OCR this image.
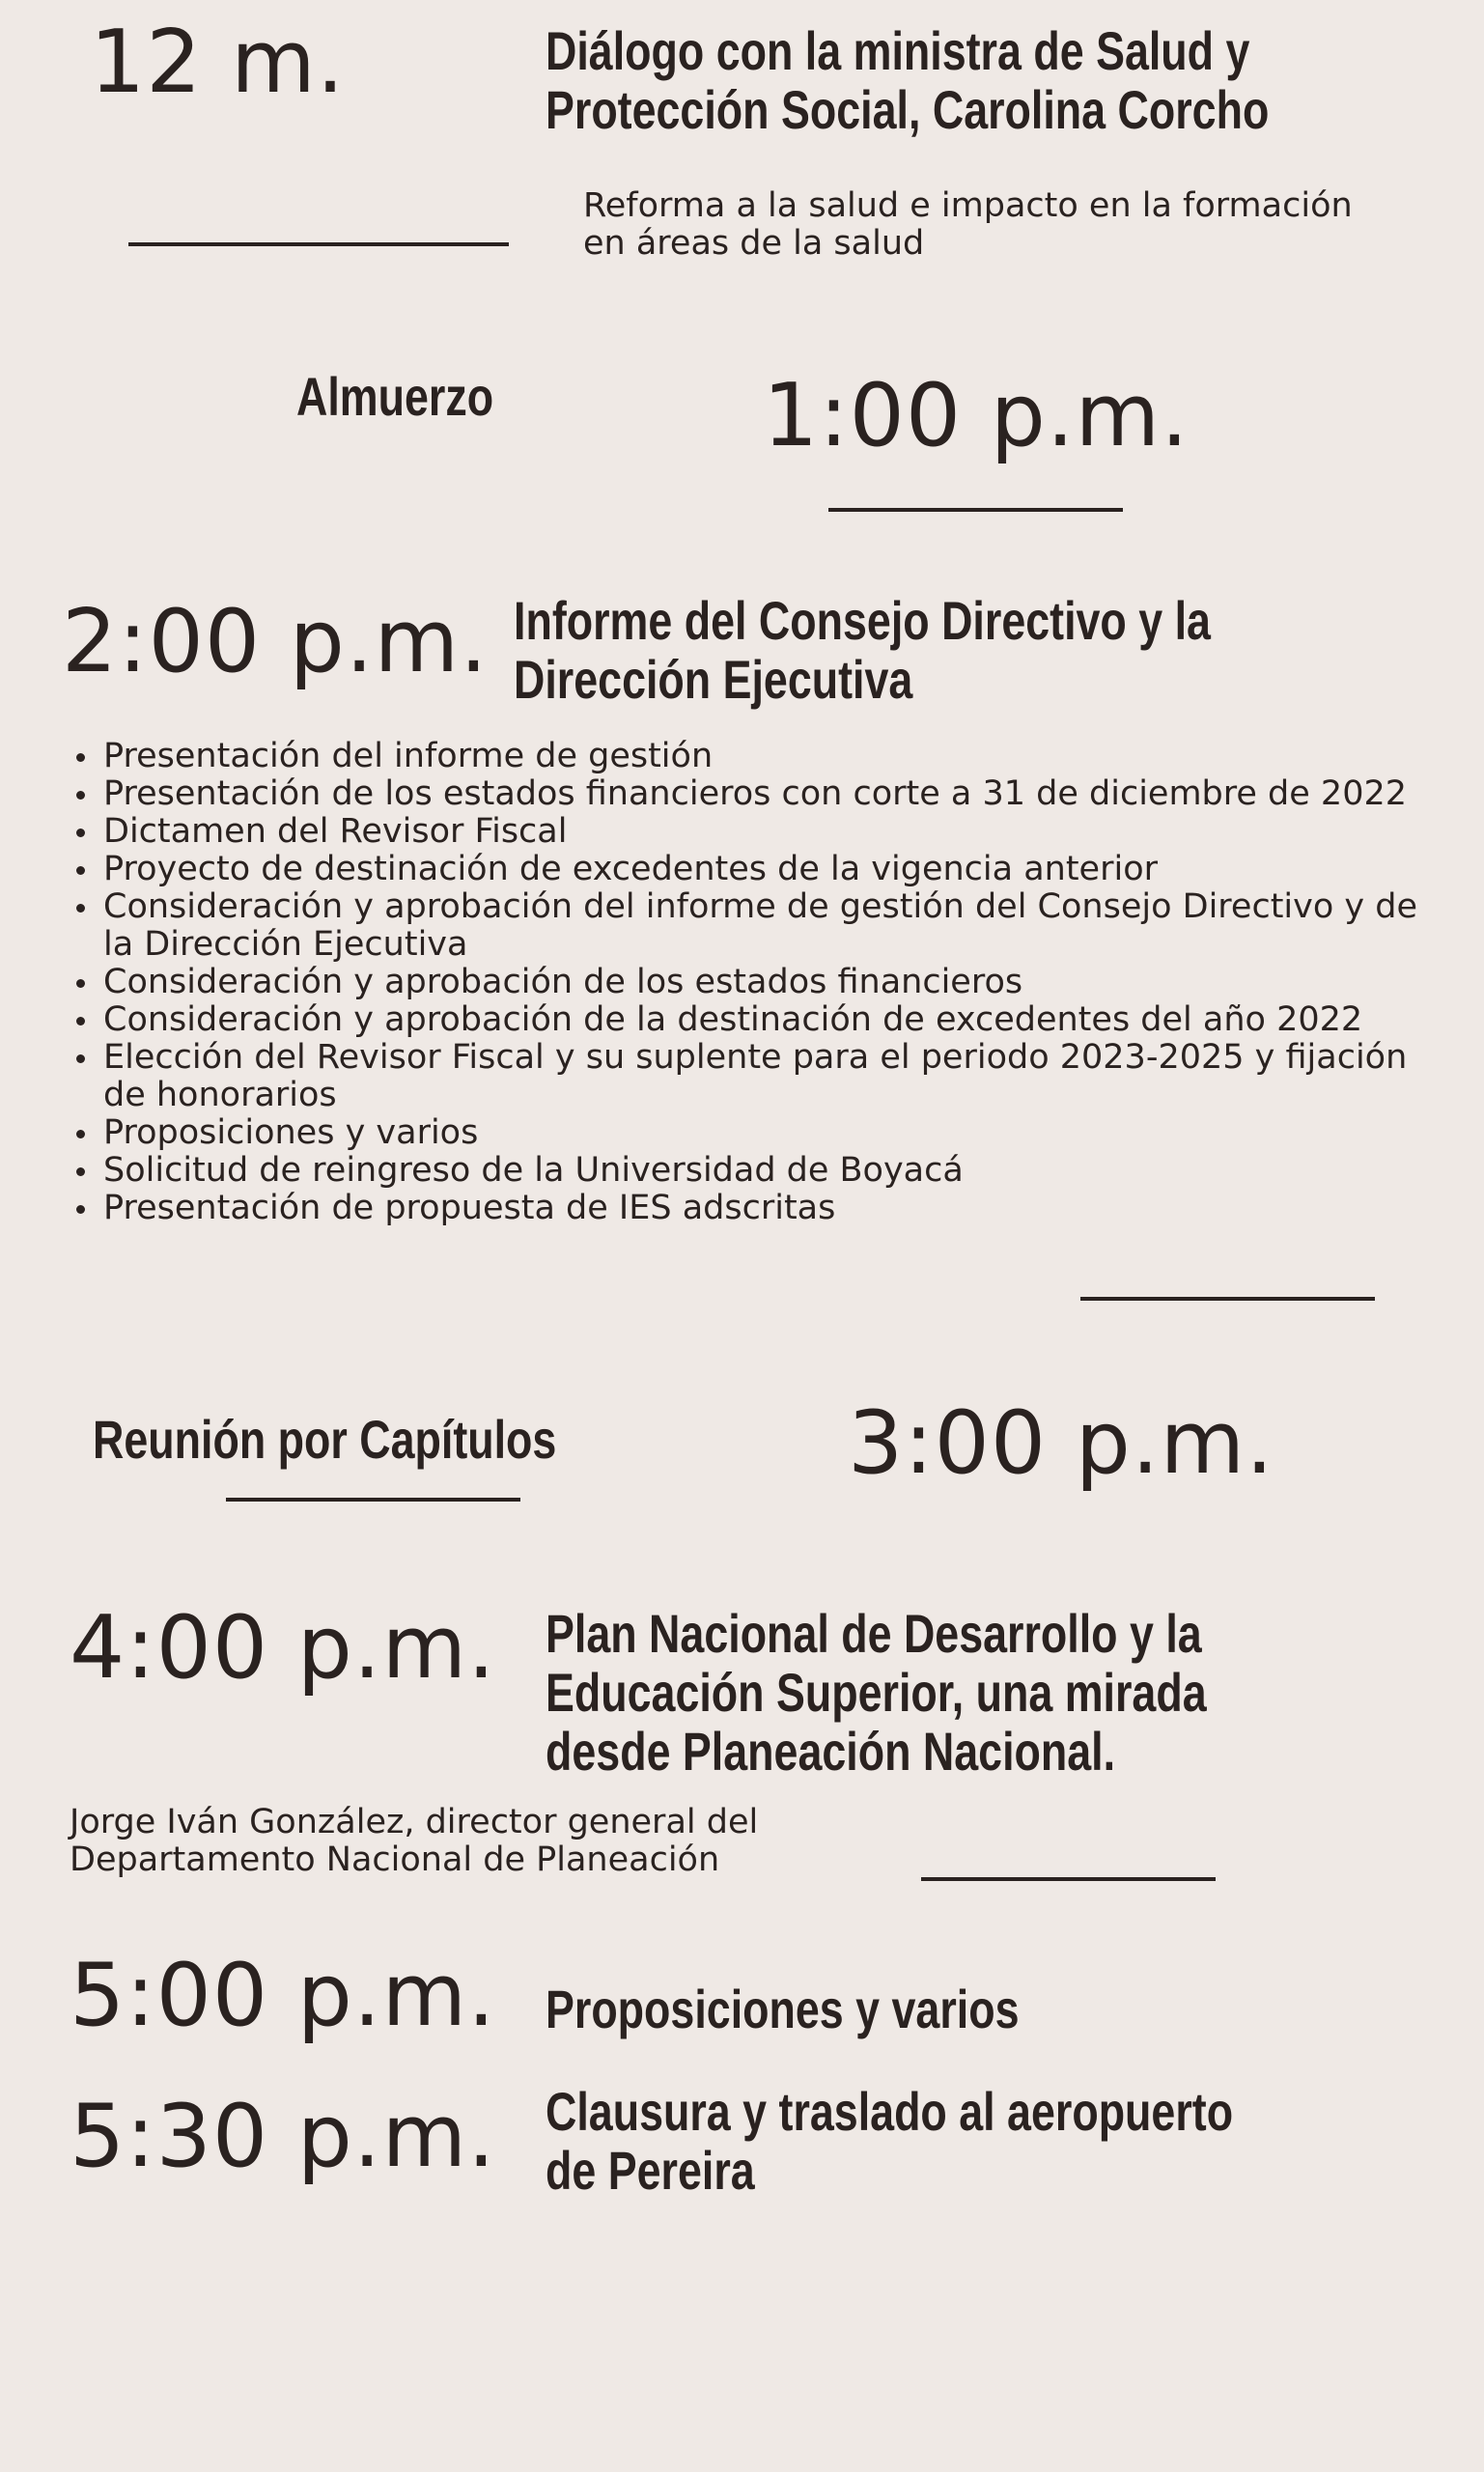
12 m.	Diálogo con la ministra de Salud y
Protección Social, Carolina Corcho
Reforma a la salud e impacto en la formación
en áreas de la salud
Almuerzo	1:00 p.m.
2:00 p.m. Informe del Consejo Directivo y la
Dirección Ejecutiva
Presentación del informe de gestión
Presentación de los estados financieros con corte a 31 de diciembre de 2022
Dictamen del Revisor Fiscal
Proyecto de destinación de excedentes de la vigencia anterior
Consideración y aprobación del informe de gestión del Consejo Directivo y de la Dirección Ejecutiva
Consideración y aprobación de los estados financieros
Consideración y aprobación de la destinación de excedentes del año 2022
Elección del Revisor Fiscal y su suplente para el periodo 2023-2025 y fijación de honorarios
Proposiciones y varios
Solicitud de reingreso de la Universidad de Boyacá
Presentación de propuesta de IES adscritas
Reunión por Capítulos	3:00 p.m.
4:00 p.m. Plan Nacional de Desarrollo y la
Educación Superior, una mirada
desde Planeación Nacional.
Jorge Iván González, director general del
Departamento Nacional de Planeación
5:00 p.m. Proposiciones y varios
5:30 p.m. Clausura y traslado al aeropuerto
de Pereira
